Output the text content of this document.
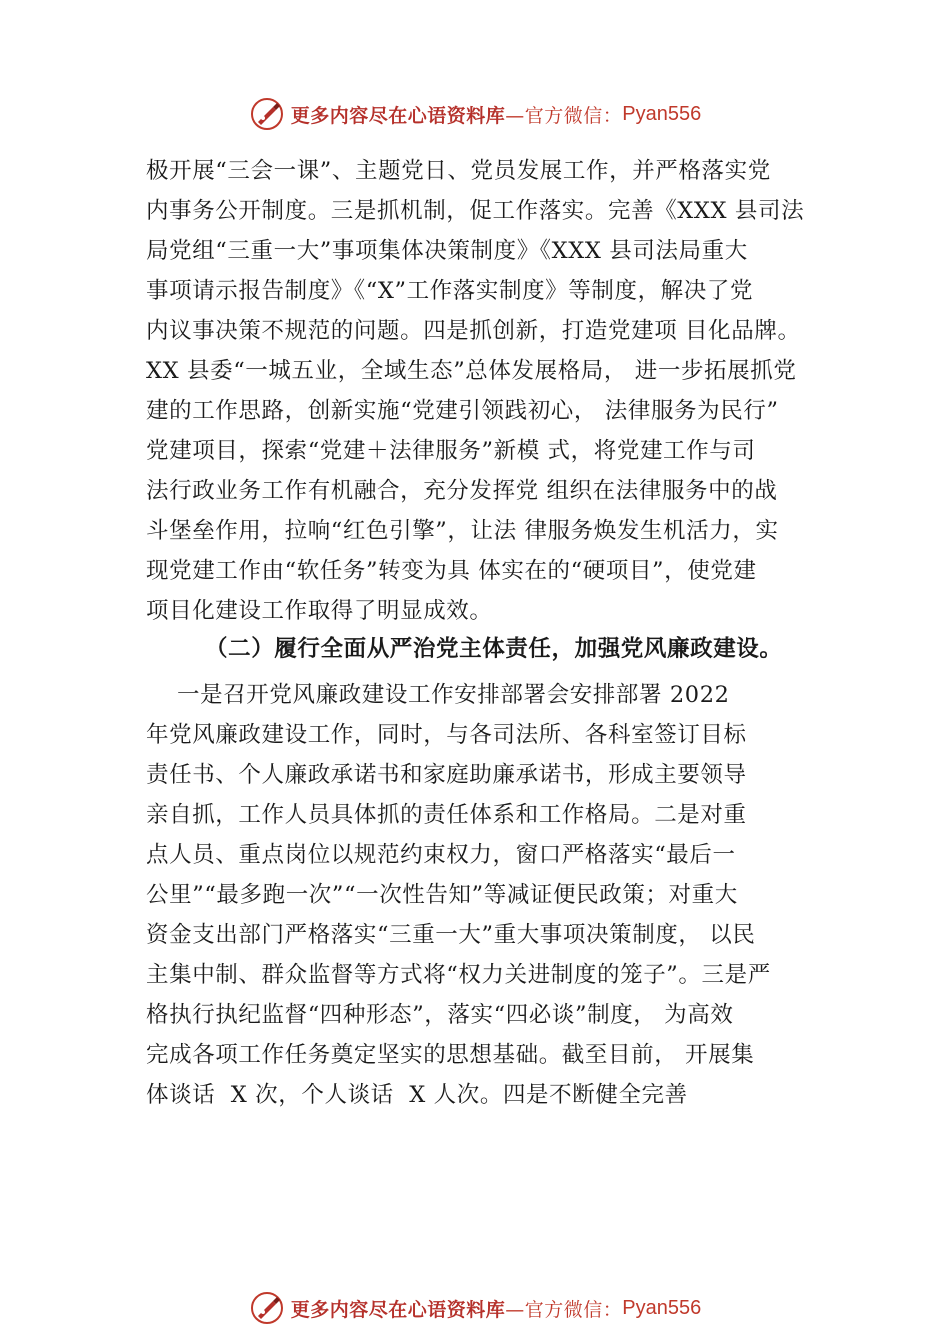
更多内容尽在心语资料库 —官方微信： Pyan556
极开展“三会一课”、主题党日、党员发展工作，并严格落实党
内事务公开制度。三是抓机制，促工作落实。完善《XXX 县司法
局党组“三重一大”事项集体决策制度》《XXX 县司法局重大
事项请示报告制度》《“X”工作落实制度》等制度，解决了党
内议事决策不规范的问题。四是抓创新，打造党建项 目化品牌。
XX 县委“一城五业，全域生态”总体发展格局， 进一步拓展抓党
建的工作思路，创新实施“党建引领践初心， 法律服务为民行”
党建项目，探索“党建＋法律服务”新模 式，将党建工作与司
法行政业务工作有机融合，充分发挥党 组织在法律服务中的战
斗堡垒作用，拉响“红色引擎”，让法 律服务焕发生机活力，实
现党建工作由“软任务”转变为具 体实在的“硬项目”，使党建
项目化建设工作取得了明显成效。
（二）履行全面从严治党主体责任，加强党风廉政建设。
一是召开党风廉政建设工作安排部署会安排部署 2022
年党风廉政建设工作，同时，与各司法所、各科室签订目标
责任书、个人廉政承诺书和家庭助廉承诺书，形成主要领导
亲自抓，工作人员具体抓的责任体系和工作格局。二是对重
点人员、重点岗位以规范约束权力，窗口严格落实“最后一
公里”“最多跑一次”“一次性告知”等减证便民政策；对重大
资金支出部门严格落实“三重一大”重大事项决策制度， 以民
主集中制、群众监督等方式将“权力关进制度的笼子”。三是严
格执行执纪监督“四种形态”，落实“四必谈”制度， 为高效
完成各项工作任务奠定坚实的思想基础。截至目前， 开展集
体谈话  X 次，个人谈话  X 人次。四是不断健全完善
更多内容尽在心语资料库 —官方微信： Pyan556
